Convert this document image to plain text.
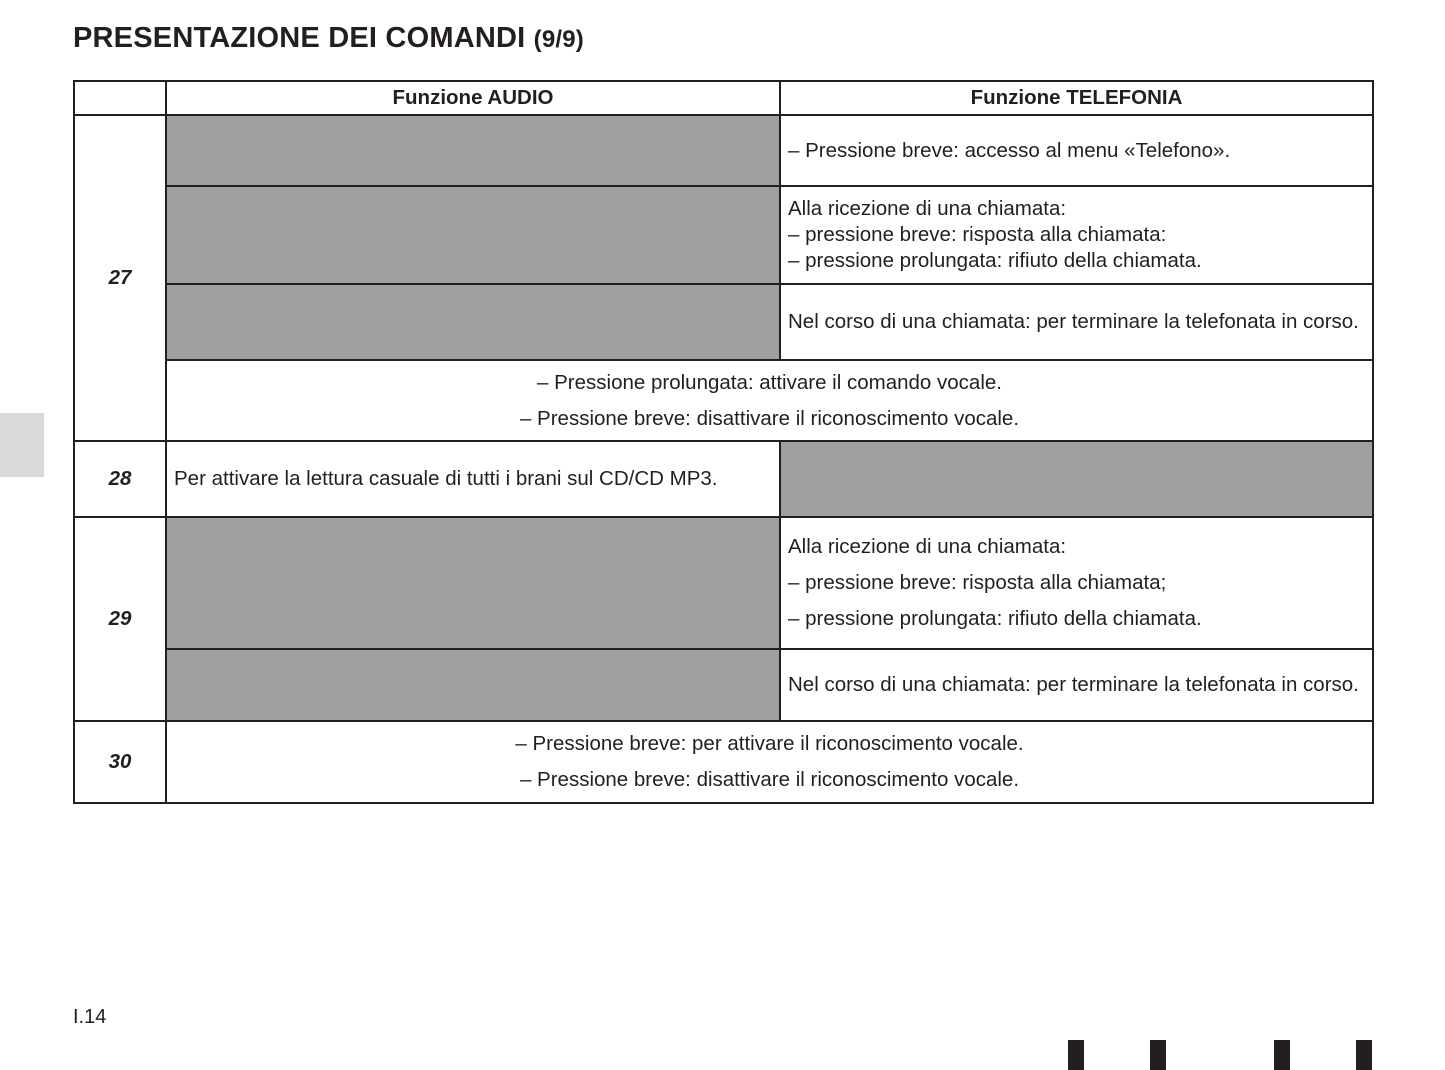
PRESENTAZIONE DEI COMANDI (9/9)
	Funzione AUDIO	Funzione TELEFONIA
27		– Pressione breve: accesso al menu «Telefono».

		Alla ricezione di una chiamata:
– pressione breve: risposta alla chiamata:
– pressione prolungata: rifiuto della chiamata.

		Nel corso di una chiamata: per terminare la telefonata in corso.

	– Pressione prolungata: attivare il comando vocale.
– Pressione breve: disattivare il riconoscimento vocale.	

28	Per attivare la lettura casuale di tutti i brani sul CD/CD MP3.	
29		Alla ricezione di una chiamata:
– pressione breve: risposta alla chiamata;
– pressione prolungata: rifiuto della chiamata.

		Nel corso di una chiamata: per terminare la telefonata in corso.

30	– Pressione breve: per attivare il riconoscimento vocale.
– Pressione breve: disattivare il riconoscimento vocale.	
I.14
